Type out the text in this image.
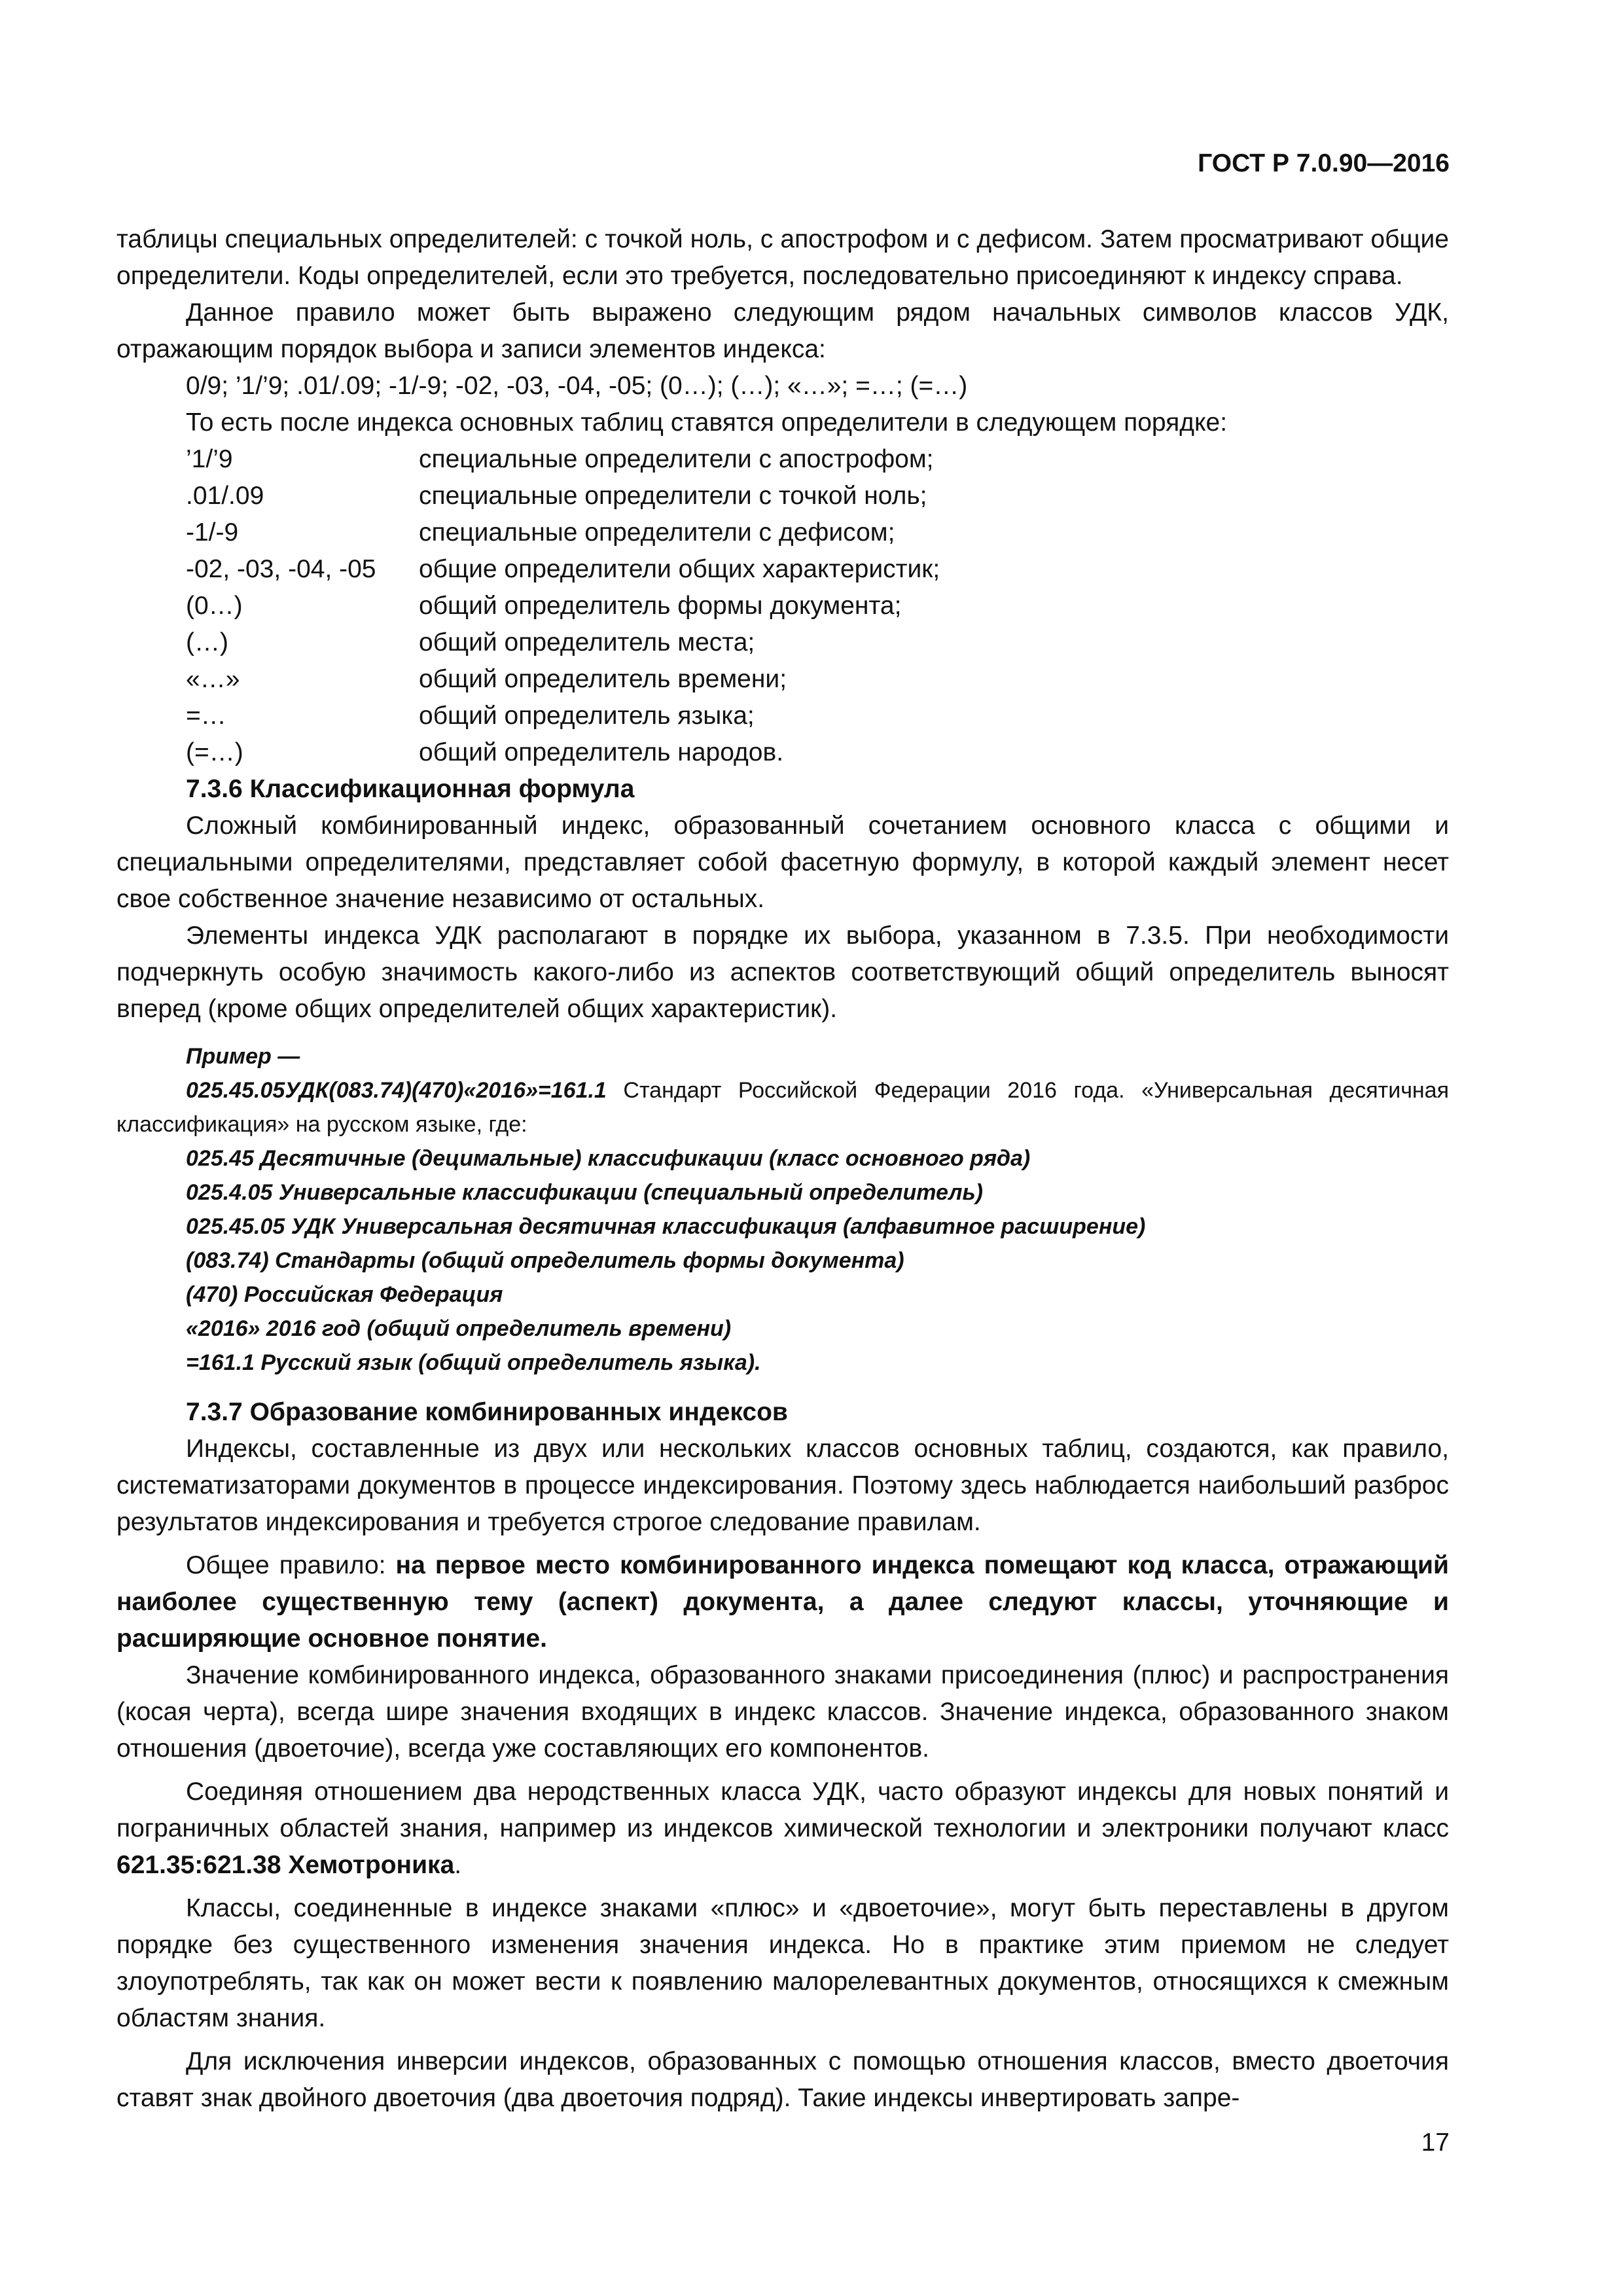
ГОСТ Р 7.0.90—2016

таблицы специальных определителей: с точкой ноль, с апострофом и с дефисом. Затем просматривают общие определители. Коды определителей, если это требуется, последовательно присоединяют к индексу справа.

Данное правило может быть выражено следующим рядом начальных символов классов УДК, отражающим порядок выбора и записи элементов индекса:

0/9; ’1/’9; .01/.09; -1/-9; -02, -03, -04, -05; (0…); (…); «…»; =…; (=…)

То есть после индекса основных таблиц ставятся определители в следующем порядке:

’1/’9	специальные определители с апострофом;
.01/.09	специальные определители с точкой ноль;
-1/-9	специальные определители с дефисом;
-02, -03, -04, -05	общие определители общих характеристик;
(0…)	общий определитель формы документа;
(…)	общий определитель места;
«…»	общий определитель времени;
=…	общий определитель языка;
(=…)	общий определитель народов.
7.3.6 Классификационная формула

Сложный комбинированный индекс, образованный сочетанием основного класса с общими и специальными определителями, представляет собой фасетную формулу, в которой каждый элемент несет свое собственное значение независимо от остальных.

Элементы индекса УДК располагают в порядке их выбора, указанном в 7.3.5. При необходимости подчеркнуть особую значимость какого-либо из аспектов соответствующий общий определитель выносят вперед (кроме общих определителей общих характеристик).

Пример —

025.45.05УДК(083.74)(470)«2016»=161.1 Стандарт Российской Федерации 2016 года. «Универсальная десятичная классификация» на русском языке, где:

025.45 Десятичные (децимальные) классификации (класс основного ряда)
025.4.05 Универсальные классификации (специальный определитель)
025.45.05 УДК Универсальная десятичная классификация (алфавитное расширение)
(083.74) Стандарты (общий определитель формы документа)
(470) Российская Федерация
«2016» 2016 год (общий определитель времени)
=161.1 Русский язык (общий определитель языка).
7.3.7 Образование комбинированных индексов

Индексы, составленные из двух или нескольких классов основных таблиц, создаются, как правило, систематизаторами документов в процессе индексирования. Поэтому здесь наблюдается наибольший разброс результатов индексирования и требуется строгое следование правилам.

Общее правило: на первое место комбинированного индекса помещают код класса, отражающий наиболее существенную тему (аспект) документа, а далее следуют классы, уточняющие и расширяющие основное понятие.

Значение комбинированного индекса, образованного знаками присоединения (плюс) и распространения (косая черта), всегда шире значения входящих в индекс классов. Значение индекса, образованного знаком отношения (двоеточие), всегда уже составляющих его компонентов.

Соединяя отношением два неродственных класса УДК, часто образуют индексы для новых понятий и пограничных областей знания, например из индексов химической технологии и электроники получают класс 621.35:621.38 Хемотроника.

Классы, соединенные в индексе знаками «плюс» и «двоеточие», могут быть переставлены в другом порядке без существенного изменения значения индекса. Но в практике этим приемом не следует злоупотреблять, так как он может вести к появлению малорелевантных документов, относящихся к смежным областям знания.

Для исключения инверсии индексов, образованных с помощью отношения классов, вместо двоеточия ставят знак двойного двоеточия (два двоеточия подряд). Такие индексы инвертировать запре-

17
